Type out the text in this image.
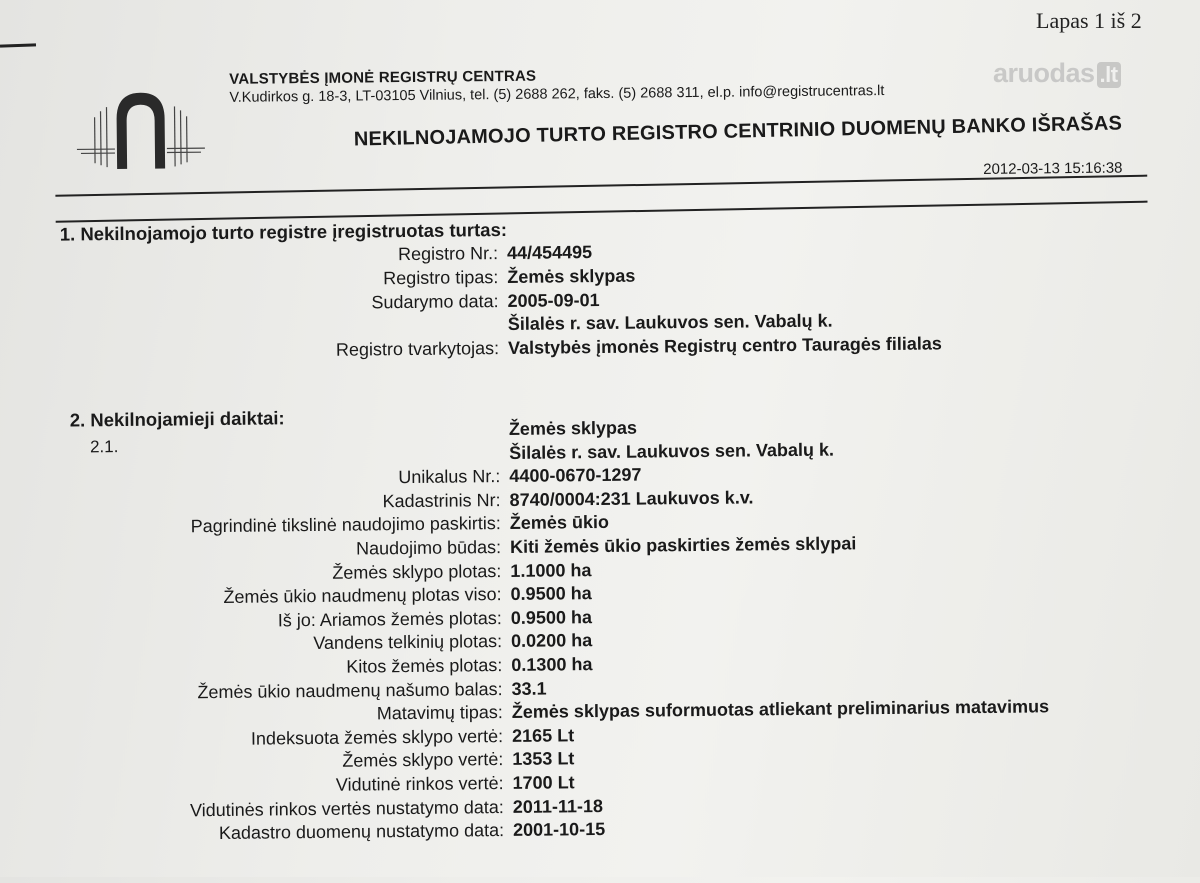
Lapas 1 iš 2
aruodas .lt
VALSTYBĖS ĮMONĖ REGISTRŲ CENTRAS
V.Kudirkos g. 18-3, LT-03105 Vilnius, tel. (5) 2688 262, faks. (5) 2688 311, el.p. info@registrucentras.lt
NEKILNOJAMOJO TURTO REGISTRO CENTRINIO DUOMENŲ BANKO IŠRAŠAS
2012-03-13 15:16:38
1. Nekilnojamojo turto registre įregistruotas turtas:
Registro Nr.: 44/454495
Registro tipas: Žemės sklypas
Sudarymo data: 2005-09-01
Šilalės r. sav. Laukuvos sen. Vabalų k.
Registro tvarkytojas: Valstybės įmonės Registrų centro Tauragės filialas
2. Nekilnojamieji daiktai:
2.1.
Žemės sklypas
Šilalės r. sav. Laukuvos sen. Vabalų k.
Unikalus Nr.: 4400-0670-1297
Kadastrinis Nr: 8740/0004:231 Laukuvos k.v.
Pagrindinė tikslinė naudojimo paskirtis: Žemės ūkio
Naudojimo būdas: Kiti žemės ūkio paskirties žemės sklypai
Žemės sklypo plotas: 1.1000 ha
Žemės ūkio naudmenų plotas viso: 0.9500 ha
Iš jo: Ariamos žemės plotas: 0.9500 ha
Vandens telkinių plotas: 0.0200 ha
Kitos žemės plotas: 0.1300 ha
Žemės ūkio naudmenų našumo balas: 33.1
Matavimų tipas: Žemės sklypas suformuotas atliekant preliminarius matavimus
Indeksuota žemės sklypo vertė: 2165 Lt
Žemės sklypo vertė: 1353 Lt
Vidutinė rinkos vertė: 1700 Lt
Vidutinės rinkos vertės nustatymo data: 2011-11-18
Kadastro duomenų nustatymo data: 2001-10-15
